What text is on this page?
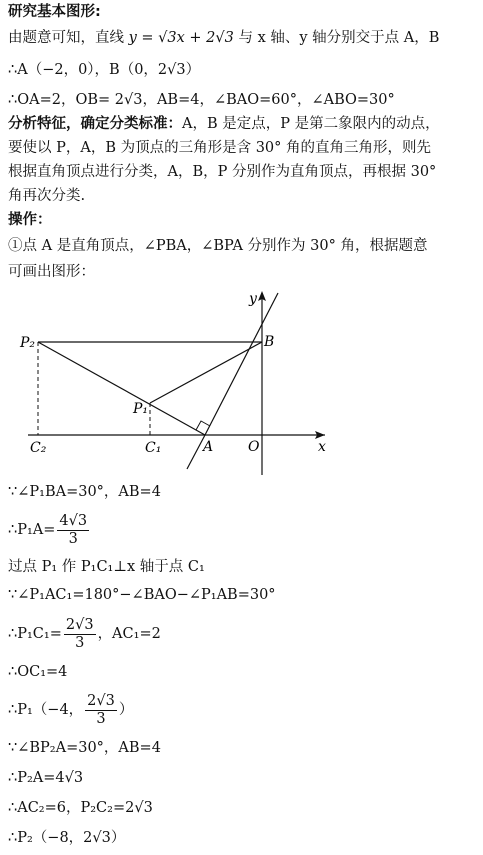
研究基本图形:
由题意可知，直线 y = √3x + 2√3 与 x 轴、y 轴分别交于点 A，B
∴A（−2，0），B（0，2√3）
∴OA=2，OB= 2√3，AB=4，∠BAO=60°，∠ABO=30°
分析特征，确定分类标准：A，B 是定点，P 是第二象限内的动点，
要使以 P，A，B 为顶点的三角形是含 30° 角的直角三角形，则先
根据直角顶点进行分类，A，B，P 分别作为直角顶点，再根据 30°
角再次分类.
操作：
①点 A 是直角顶点，∠PBA，∠BPA 分别作为 30° 角，根据题意
可画出图形：
P₂	B
P₁
C₂	C₁	A O	x
y
∵∠P₁BA=30°，AB=4
∴P₁A= $\frac{4√3}{3}$
过点 P₁ 作 P₁C₁⊥x 轴于点 C₁
∵∠P₁AC₁=180°−∠BAO−∠P₁AB=30°
∴P₁C₁= $\frac{2√3}{3}$ ，AC₁=2
∴OC₁=4
∴P₁（−4， $\frac{2√3}{3}$ ）
∵∠BP₂A=30°，AB=4
∴P₂A=4√3
∴AC₂=6，P₂C₂=2√3
∴P₂（−8，2√3）
